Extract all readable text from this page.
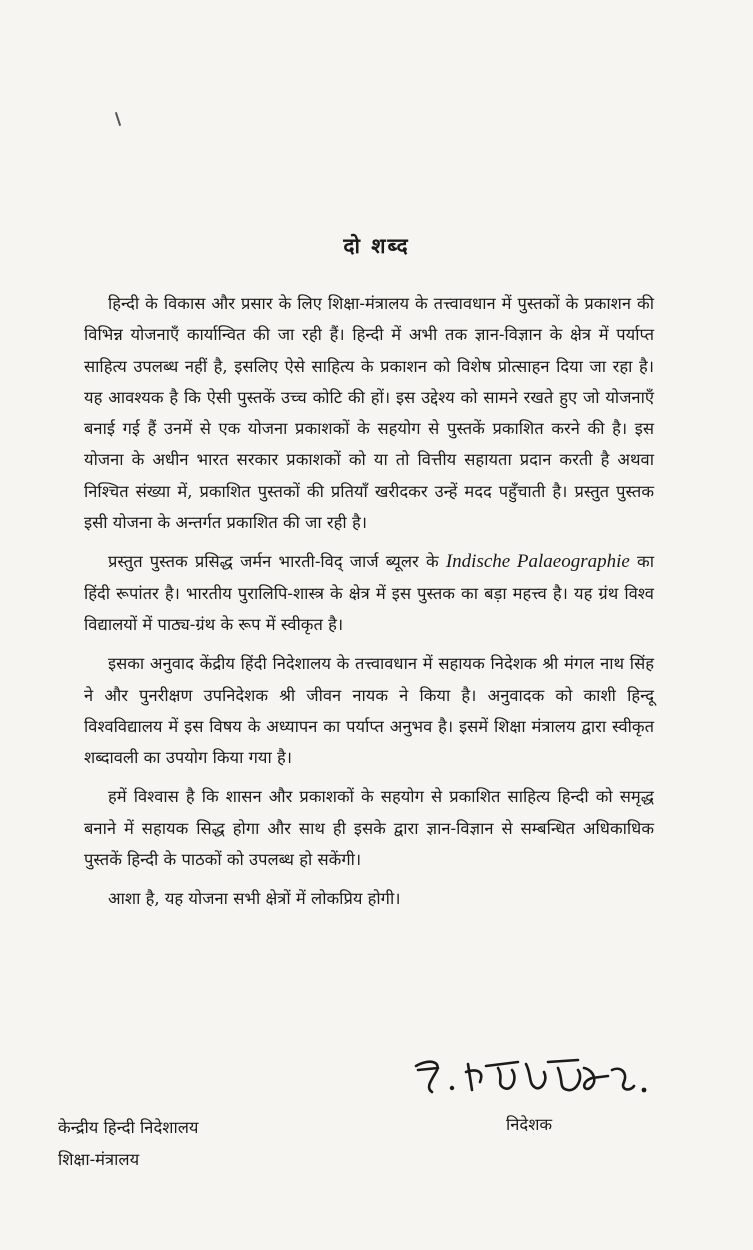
दो शब्द

हिन्दी के विकास और प्रसार के लिए शिक्षा-मंत्रालय के तत्त्वावधान में पुस्तकों के प्रकाशन की विभिन्न योजनाएँ कार्यान्वित की जा रही हैं। हिन्दी में अभी तक ज्ञान-विज्ञान के क्षेत्र में पर्याप्त साहित्य उपलब्ध नहीं है, इसलिए ऐसे साहित्य के प्रकाशन को विशेष प्रोत्साहन दिया जा रहा है। यह आवश्यक है कि ऐसी पुस्तकें उच्च कोटि की हों। इस उद्देश्य को सामने रखते हुए जो योजनाएँ बनाई गई हैं उनमें से एक योजना प्रकाशकों के सहयोग से पुस्तकें प्रकाशित करने की है। इस योजना के अधीन भारत सरकार प्रकाशकों को या तो वित्तीय सहायता प्रदान करती है अथवा निश्चित संख्या में, प्रकाशित पुस्तकों की प्रतियाँ खरीदकर उन्हें मदद पहुँचाती है। प्रस्तुत पुस्तक इसी योजना के अन्तर्गत प्रकाशित की जा रही है।

प्रस्तुत पुस्तक प्रसिद्ध जर्मन भारती-विद् जार्ज ब्यूलर के Indische Palaeographie का हिंदी रूपांतर है। भारतीय पुरालिपि-शास्त्र के क्षेत्र में इस पुस्तक का बड़ा महत्त्व है। यह ग्रंथ विश्व विद्यालयों में पाठ्य-ग्रंथ के रूप में स्वीकृत है।

इसका अनुवाद केंद्रीय हिंदी निदेशालय के तत्त्वावधान में सहायक निदेशक श्री मंगल नाथ सिंह ने और पुनरीक्षण उपनिदेशक श्री जीवन नायक ने किया है। अनुवादक को काशी हिन्दू विश्वविद्यालय में इस विषय के अध्यापन का पर्याप्त अनुभव है। इसमें शिक्षा मंत्रालय द्वारा स्वीकृत शब्दावली का उपयोग किया गया है।

हमें विश्वास है कि शासन और प्रकाशकों के सहयोग से प्रकाशित साहित्य हिन्दी को समृद्ध बनाने में सहायक सिद्ध होगा और साथ ही इसके द्वारा ज्ञान-विज्ञान से सम्बन्धित अधिकाधिक पुस्तकें हिन्दी के पाठकों को उपलब्ध हो सकेंगी।

आशा है, यह योजना सभी क्षेत्रों में लोकप्रिय होगी।

केन्द्रीय हिन्दी निदेशालय
शिक्षा-मंत्रालय
निदेशक
